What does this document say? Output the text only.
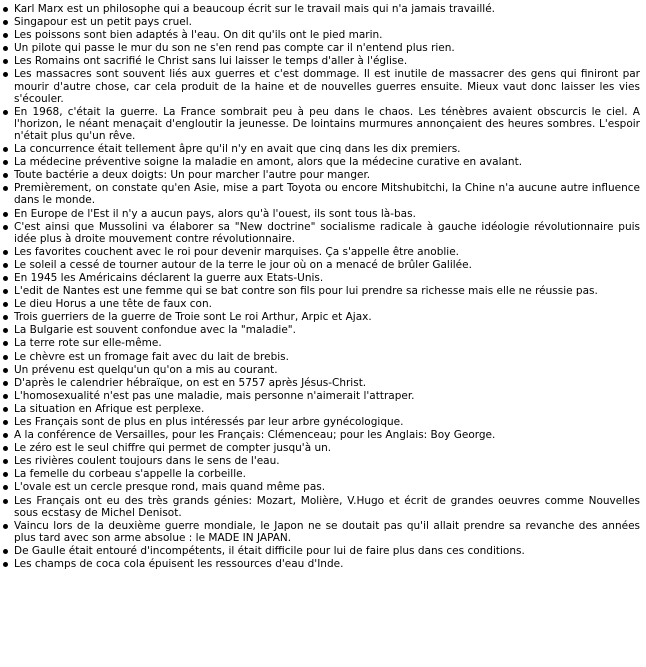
Karl Marx est un philosophe qui a beaucoup écrit sur le travail mais qui n'a jamais travaillé.
Singapour est un petit pays cruel.
Les poissons sont bien adaptés à l'eau. On dit qu'ils ont le pied marin.
Un pilote qui passe le mur du son ne s'en rend pas compte car il n'entend plus rien.
Les Romains ont sacrifié le Christ sans lui laisser le temps d'aller à l'église.
Les massacres sont souvent liés aux guerres et c'est dommage. Il est inutile de massacrer des gens qui finiront par mourir d'autre chose, car cela produit de la haine et de nouvelles guerres ensuite. Mieux vaut donc laisser les vies s'écouler.
En 1968, c'était la guerre. La France sombrait peu à peu dans le chaos. Les ténèbres avaient obscurcis le ciel. A l'horizon, le néant menaçait d'engloutir la jeunesse. De lointains murmures annonçaient des heures sombres. L'espoir n'était plus qu'un rêve.
La concurrence était tellement âpre qu'il n'y en avait que cinq dans les dix premiers.
La médecine préventive soigne la maladie en amont, alors que la médecine curative en avalant.
Toute bactérie a deux doigts: Un pour marcher l'autre pour manger.
Premièrement, on constate qu'en Asie, mise a part Toyota ou encore Mitshubitchi, la Chine n'a aucune autre influence dans le monde.
En Europe de l'Est il n'y a aucun pays, alors qu'à l'ouest, ils sont tous là-bas.
C'est ainsi que Mussolini va élaborer sa "New doctrine" socialisme radicale à gauche idéologie révolutionnaire puis idée plus à droite mouvement contre révolutionnaire.
Les favorites couchent avec le roi pour devenir marquises. Ça s'appelle être anoblie.
Le soleil a cessé de tourner autour de la terre le jour où on a menacé de brûler Galilée.
En 1945 les Américains déclarent la guerre aux Etats-Unis.
L'edit de Nantes est une femme qui se bat contre son fils pour lui prendre sa richesse mais elle ne réussie pas.
Le dieu Horus a une tête de faux con.
Trois guerriers de la guerre de Troie sont Le roi Arthur, Arpic et Ajax.
La Bulgarie est souvent confondue avec la "maladie".
La terre rote sur elle-même.
Le chèvre est un fromage fait avec du lait de brebis.
Un prévenu est quelqu'un qu'on a mis au courant.
D'après le calendrier hébraïque, on est en 5757 après Jésus-Christ.
L'homosexualité n'est pas une maladie, mais personne n'aimerait l'attraper.
La situation en Afrique est perplexe.
Les Français sont de plus en plus intéressés par leur arbre gynécologique.
A la conférence de Versailles, pour les Français: Clémenceau; pour les Anglais: Boy George.
Le zéro est le seul chiffre qui permet de compter jusqu'à un.
Les rivières coulent toujours dans le sens de l'eau.
La femelle du corbeau s'appelle la corbeille.
L'ovale est un cercle presque rond, mais quand même pas.
Les Français ont eu des très grands génies: Mozart, Molière, V.Hugo et écrit de grandes oeuvres comme Nouvelles sous ecstasy de Michel Denisot.
Vaincu lors de la deuxième guerre mondiale, le Japon ne se doutait pas qu'il allait prendre sa revanche des années plus tard avec son arme absolue : le MADE IN JAPAN.
De Gaulle était entouré d'incompétents, il était difficile pour lui de faire plus dans ces conditions.
Les champs de coca cola épuisent les ressources d'eau d'Inde.
